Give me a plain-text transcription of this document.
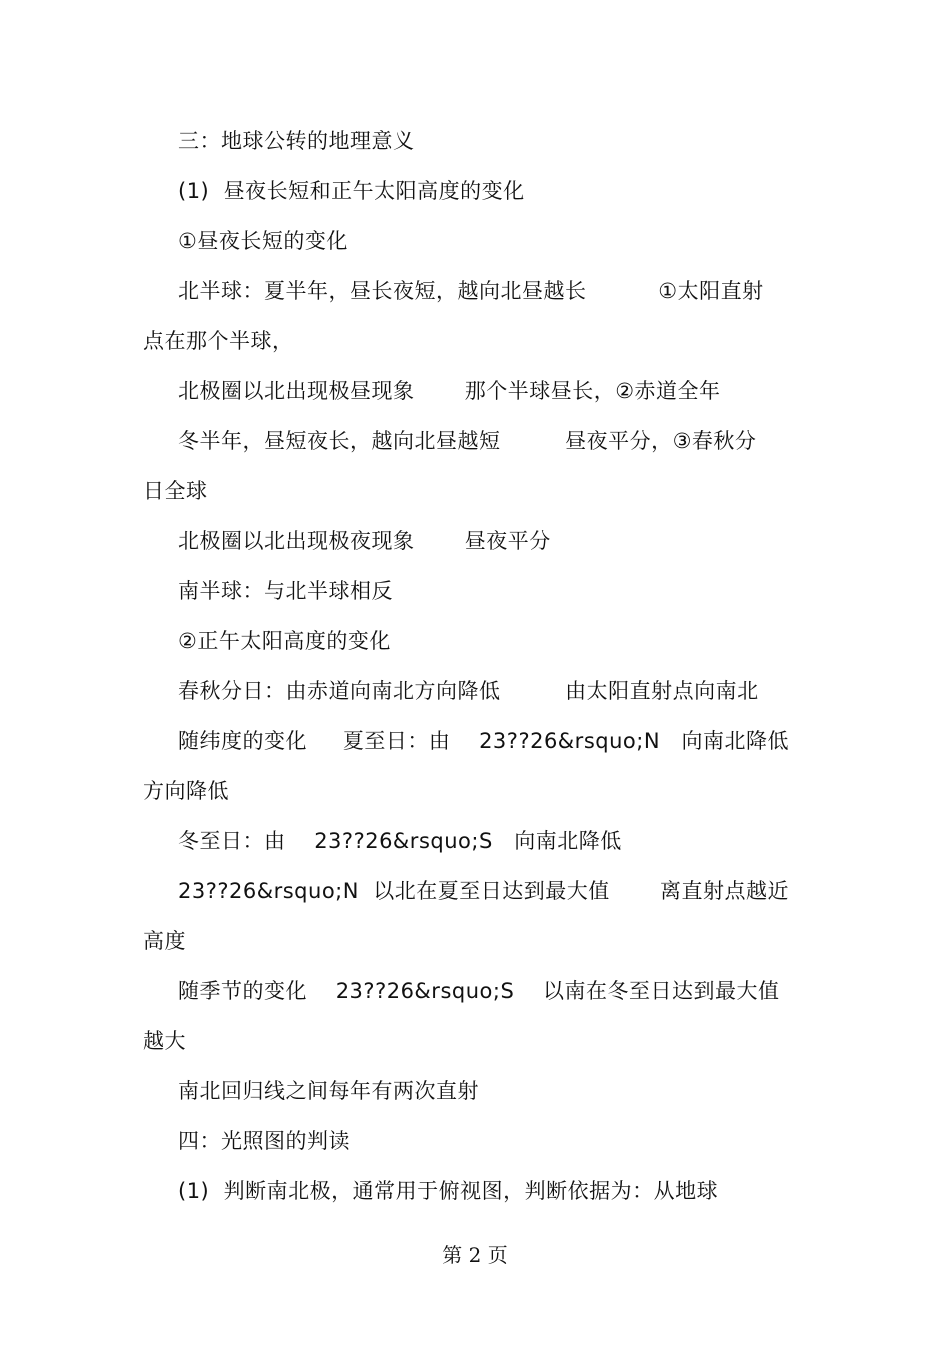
三：地球公转的地理意义
(1)  昼夜长短和正午太阳高度的变化
①昼夜长短的变化
北半球：夏半年，昼长夜短，越向北昼越长          ①太阳直射
点在那个半球，
北极圈以北出现极昼现象       那个半球昼长，②赤道全年
冬半年，昼短夜长，越向北昼越短         昼夜平分，③春秋分
日全球
北极圈以北出现极夜现象       昼夜平分
南半球：与北半球相反
②正午太阳高度的变化
春秋分日：由赤道向南北方向降低         由太阳直射点向南北
随纬度的变化     夏至日：由    23??26&rsquo;N   向南北降低
方向降低
冬至日：由    23??26&rsquo;S   向南北降低
23??26&rsquo;N  以北在夏至日达到最大值       离直射点越近
高度
随季节的变化    23??26&rsquo;S    以南在冬至日达到最大值
越大
南北回归线之间每年有两次直射
四：光照图的判读
(1)  判断南北极，通常用于俯视图，判断依据为：从地球
第 2 页
